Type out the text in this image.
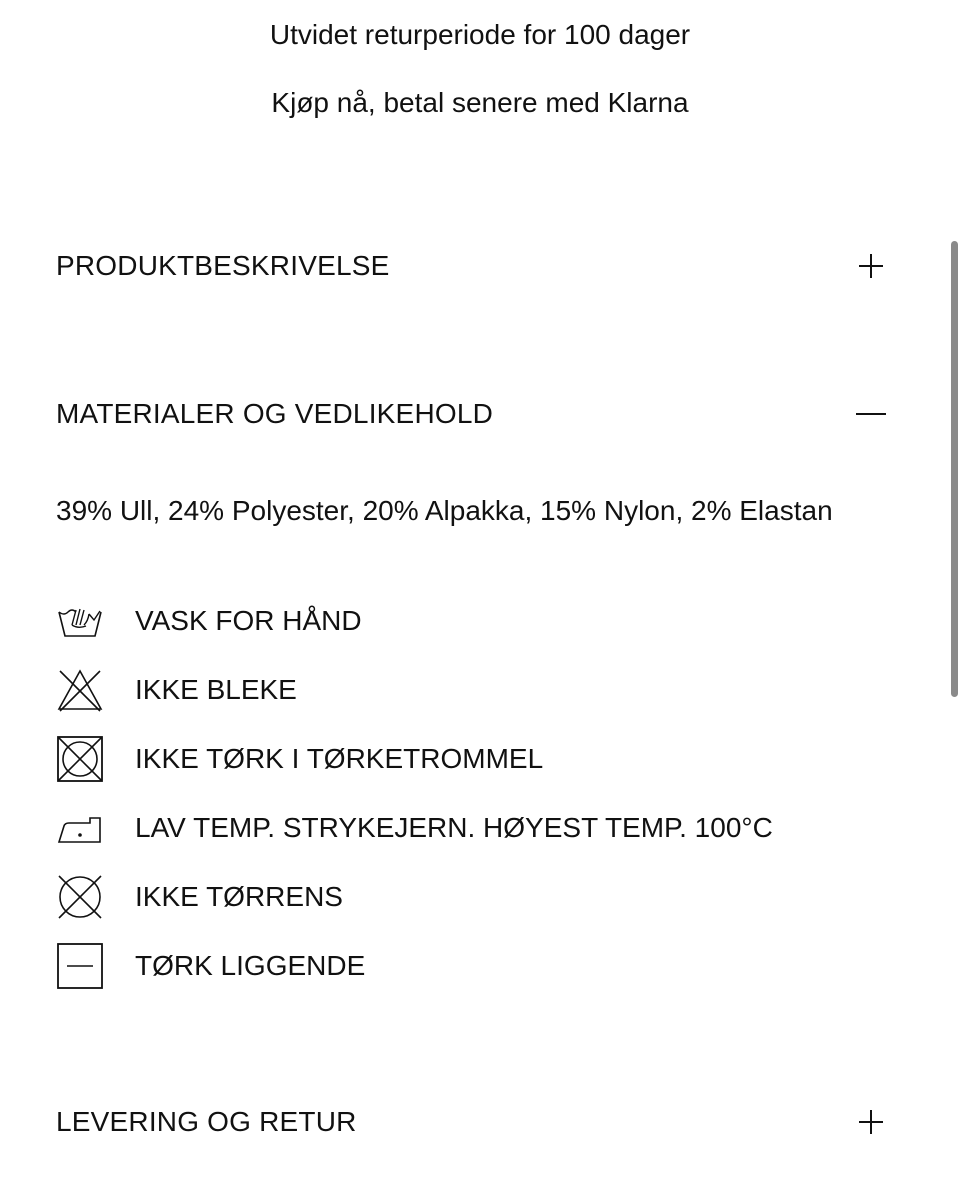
Utvidet returperiode for 100 dager
Kjøp nå, betal senere med Klarna
PRODUKTBESKRIVELSE
MATERIALER OG VEDLIKEHOLD
39% Ull, 24% Polyester, 20% Alpakka, 15% Nylon, 2% Elastan
VASK FOR HÅND
IKKE BLEKE
IKKE TØRK I TØRKETROMMEL
LAV TEMP. STRYKEJERN. HØYEST TEMP. 100°C
IKKE TØRRENS
TØRK LIGGENDE
LEVERING OG RETUR
